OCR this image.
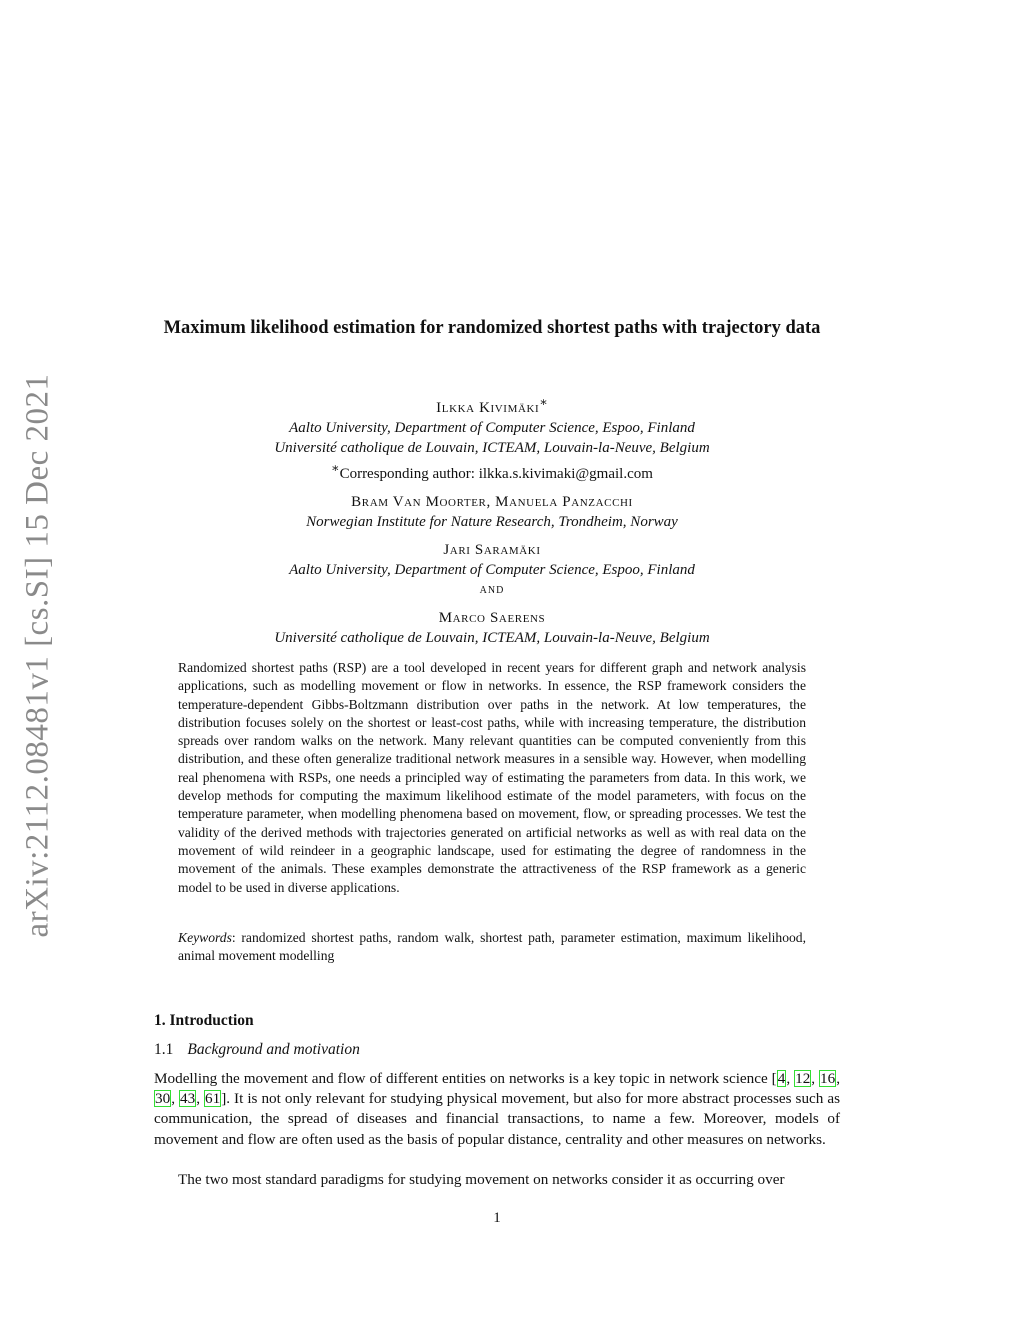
arXiv:2112.08481v1 [cs.SI] 15 Dec 2021
Maximum likelihood estimation for randomized shortest paths with trajectory data
Ilkka Kivimäki∗
Aalto University, Department of Computer Science, Espoo, Finland
Université catholique de Louvain, ICTEAM, Louvain-la-Neuve, Belgium
∗Corresponding author: ilkka.s.kivimaki@gmail.com
Bram Van Moorter, Manuela Panzacchi
Norwegian Institute for Nature Research, Trondheim, Norway
Jari Saramäki
Aalto University, Department of Computer Science, Espoo, Finland
and
Marco Saerens
Université catholique de Louvain, ICTEAM, Louvain-la-Neuve, Belgium

Randomized shortest paths (RSP) are a tool developed in recent years for different graph and network analysis applications, such as modelling movement or flow in networks. In essence, the RSP framework considers the temperature-dependent Gibbs-Boltzmann distribution over paths in the network. At low temperatures, the distribution focuses solely on the shortest or least-cost paths, while with increasing temperature, the distribution spreads over random walks on the network. Many relevant quantities can be computed conveniently from this distribution, and these often generalize traditional network measures in a sensible way. However, when modelling real phenomena with RSPs, one needs a principled way of estimating the parameters from data. In this work, we develop methods for computing the maximum likelihood estimate of the model parameters, with focus on the temperature parameter, when modelling phenomena based on movement, flow, or spreading processes. We test the validity of the derived methods with trajectories generated on artificial networks as well as with real data on the movement of wild reindeer in a geographic landscape, used for estimating the degree of randomness in the movement of the animals. These examples demonstrate the attractiveness of the RSP framework as a generic model to be used in diverse applications.

Keywords: randomized shortest paths, random walk, shortest path, parameter estimation, maximum likelihood, animal movement modelling

1. Introduction
1.1 Background and motivation

Modelling the movement and flow of different entities on networks is a key topic in network science [4, 12, 16, 30, 43, 61]. It is not only relevant for studying physical movement, but also for more abstract processes such as communication, the spread of diseases and financial transactions, to name a few. Moreover, models of movement and flow are often used as the basis of popular distance, centrality and other measures on networks.

The two most standard paradigms for studying movement on networks consider it as occurring over

1
